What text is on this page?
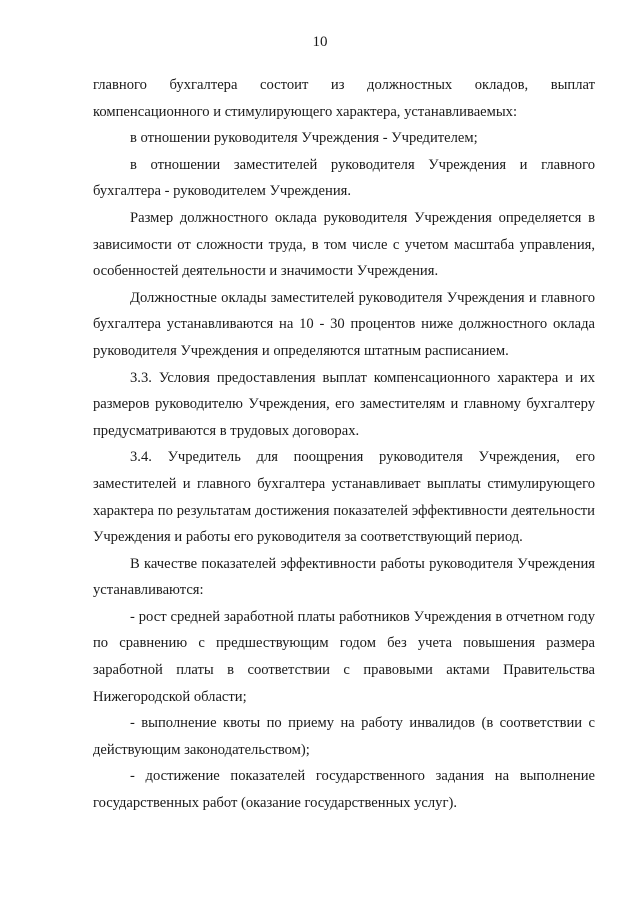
10

главного бухгалтера состоит из должностных окладов, выплат компенсационного и стимулирующего характера, устанавливаемых:

в отношении руководителя Учреждения - Учредителем;

в отношении заместителей руководителя Учреждения и главного бухгалтера - руководителем Учреждения.

Размер должностного оклада руководителя Учреждения определяется в зависимости от сложности труда, в том числе с учетом масштаба управления, особенностей деятельности и значимости Учреждения.

Должностные оклады заместителей руководителя Учреждения и главного бухгалтера устанавливаются на 10 - 30 процентов ниже должностного оклада руководителя Учреждения и определяются штатным расписанием.

3.3. Условия предоставления выплат компенсационного характера и их размеров руководителю Учреждения, его заместителям и главному бухгалтеру предусматриваются в трудовых договорах.

3.4. Учредитель для поощрения руководителя Учреждения, его заместителей и главного бухгалтера устанавливает выплаты стимулирующего характера по результатам достижения показателей эффективности деятельности Учреждения и работы его руководителя за соответствующий период.

В качестве показателей эффективности работы руководителя Учреждения устанавливаются:

- рост средней заработной платы работников Учреждения в отчетном году по сравнению с предшествующим годом без учета повышения размера заработной платы в соответствии с правовыми актами Правительства Нижегородской области;

- выполнение квоты по приему на работу инвалидов (в соответствии с действующим законодательством);

- достижение показателей государственного задания на выполнение государственных работ (оказание государственных услуг).
